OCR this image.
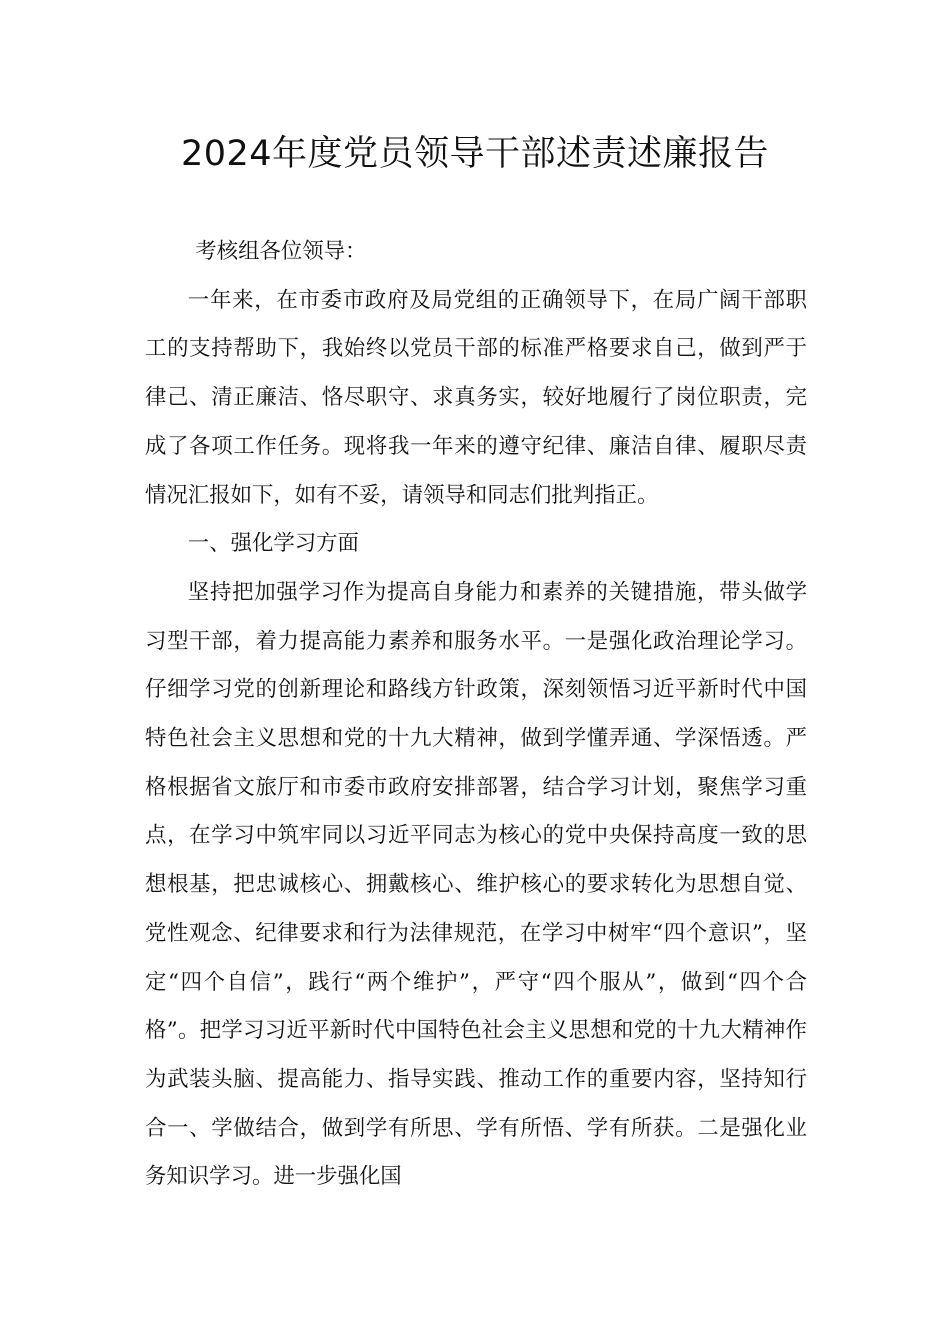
2024年度党员领导干部述责述廉报告

考核组各位领导：

一年来，在市委市政府及局党组的正确领导下，在局广阔干部职工的支持帮助下，我始终以党员干部的标准严格要求自己，做到严于律己、清正廉洁、恪尽职守、求真务实，较好地履行了岗位职责，完成了各项工作任务。现将我一年来的遵守纪律、廉洁自律、履职尽责情况汇报如下，如有不妥，请领导和同志们批判指正。

一、强化学习方面

坚持把加强学习作为提高自身能力和素养的关键措施，带头做学习型干部，着力提高能力素养和服务水平。一是强化政治理论学习。仔细学习党的创新理论和路线方针政策，深刻领悟习近平新时代中国特色社会主义思想和党的十九大精神，做到学懂弄通、学深悟透。严格根据省文旅厅和市委市政府安排部署，结合学习计划，聚焦学习重点，在学习中筑牢同以习近平同志为核心的党中央保持高度一致的思想根基，把忠诚核心、拥戴核心、维护核心的要求转化为思想自觉、党性观念、纪律要求和行为法律规范，在学习中树牢“四个意识”，坚定“四个自信”，践行“两个维护”，严守“四个服从”，做到“四个合格”。把学习习近平新时代中国特色社会主义思想和党的十九大精神作为武装头脑、提高能力、指导实践、推动工作的重要内容，坚持知行合一、学做结合，做到学有所思、学有所悟、学有所获。二是强化业务知识学习。进一步强化国
